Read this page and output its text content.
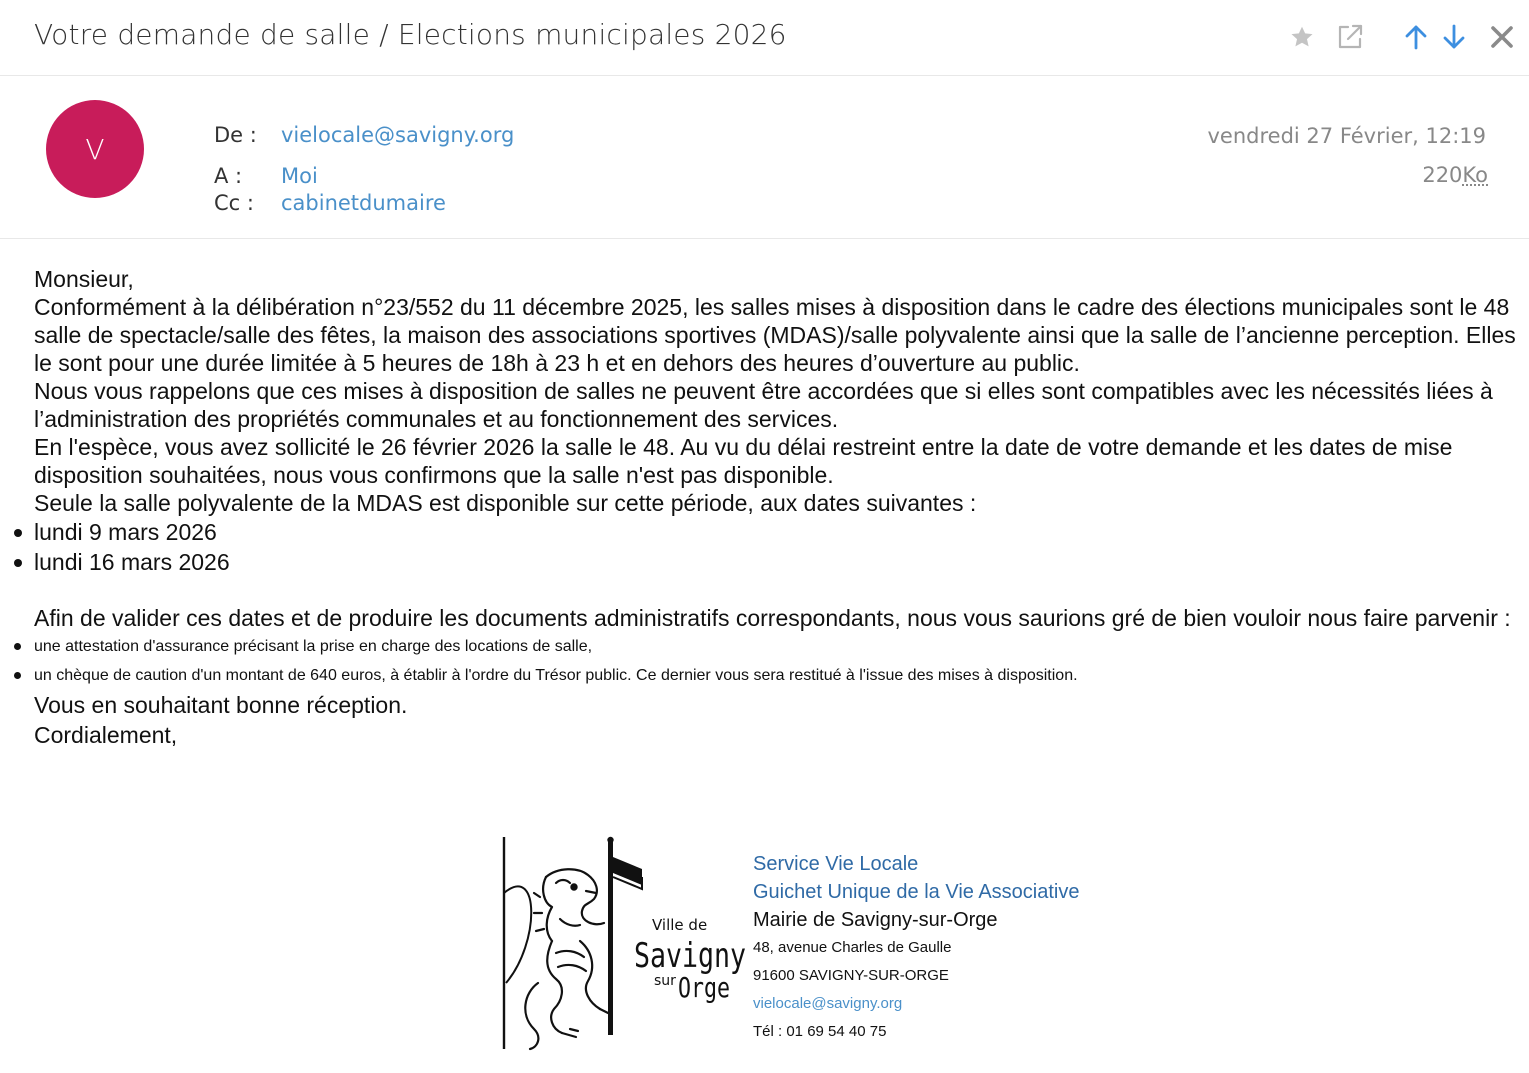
Votre demande de salle / Elections municipales 2026
V	De : vielocale@savigny.org
A : Moi
Cc : cabinetdumaire
vendredi 27 Février, 12:19
220Ko

Monsieur,

Conformément à la délibération n°23/552 du 11 décembre 2025, les salles mises à disposition dans le cadre des élections municipales sont le 48 salle de spectacle/salle des fêtes, la maison des associations sportives (MDAS)/salle polyvalente ainsi que la salle de l’ancienne perception. Elles le sont pour une durée limitée à 5 heures de 18h à 23 h et en dehors des heures d’ouverture au public.

Nous vous rappelons que ces mises à disposition de salles ne peuvent être accordées que si elles sont compatibles avec les nécessités liées à l’administration des propriétés communales et au fonctionnement des services.

En l'espèce, vous avez sollicité le 26 février 2026 la salle le 48. Au vu du délai restreint entre la date de votre demande et les dates de mise disposition souhaitées, nous vous confirmons que la salle n'est pas disponible.

Seule la salle polyvalente de la MDAS est disponible sur cette période, aux dates suivantes :

lundi 9 mars 2026

lundi 16 mars 2026

Afin de valider ces dates et de produire les documents administratifs correspondants, nous vous saurions gré de bien vouloir nous faire parvenir :

une attestation d'assurance précisant la prise en charge des locations de salle,

un chèque de caution d'un montant de 640 euros, à établir à l'ordre du Trésor public. Ce dernier vous sera restitué à l'issue des mises à disposition.

Vous en souhaitant bonne réception.

Cordialement,

Ville de
Savigny
sur Orge
Service Vie Locale
Guichet Unique de la Vie Associative
Mairie de Savigny-sur-Orge
48, avenue Charles de Gaulle
91600 SAVIGNY-SUR-ORGE
vielocale@savigny.org
Tél : 01 69 54 40 75
